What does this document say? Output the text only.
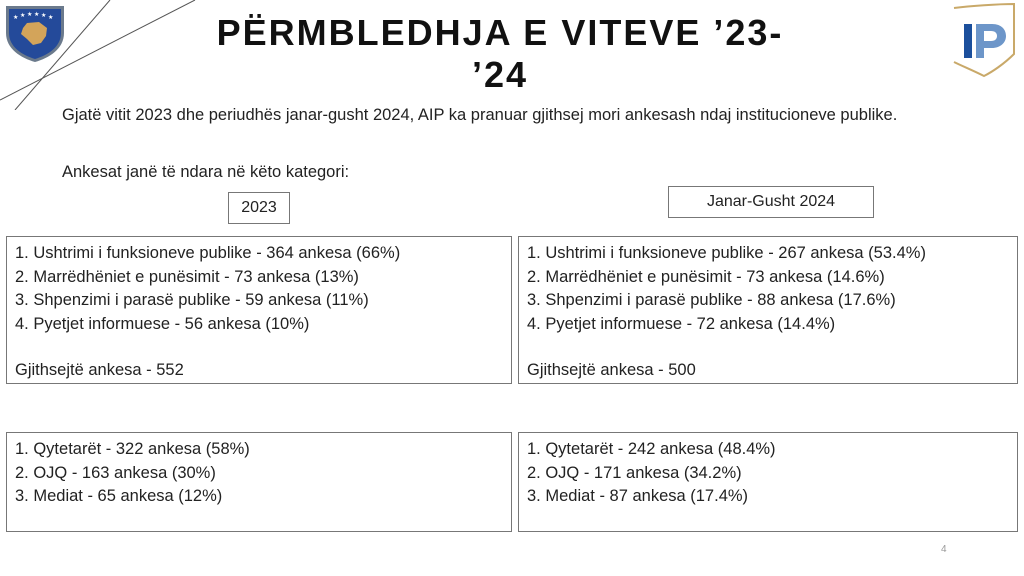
★ ★ ★ ★ ★ ★	PËRMBLEDHJA E VITEVE ’23-
’24
Gjatë vitit 2023 dhe periudhës janar-gusht 2024, AIP ka pranuar gjithsej mori ankesash ndaj institucioneve publike.
Ankesat janë të ndara në këto kategori:
2023	Janar-Gusht 2024
1. Ushtrimi i funksioneve publike - 364 ankesa (66%)
2. Marrëdhëniet e punësimit - 73 ankesa (13%)
3. Shpenzimi i parasë publike - 59 ankesa (11%)
4. Pyetjet informuese - 56 ankesa (10%)
Gjithsejtë ankesa - 552
1. Ushtrimi i funksioneve publike - 267 ankesa (53.4%)
2. Marrëdhëniet e punësimit - 73 ankesa (14.6%)
3. Shpenzimi i parasë publike - 88 ankesa (17.6%)
4. Pyetjet informuese - 72 ankesa (14.4%)
Gjithsejtë ankesa - 500
1. Qytetarët - 322 ankesa (58%)
2. OJQ - 163 ankesa (30%)
3. Mediat - 65 ankesa (12%)
1. Qytetarët - 242 ankesa (48.4%)
2. OJQ - 171 ankesa (34.2%)
3. Mediat - 87 ankesa (17.4%)
4
